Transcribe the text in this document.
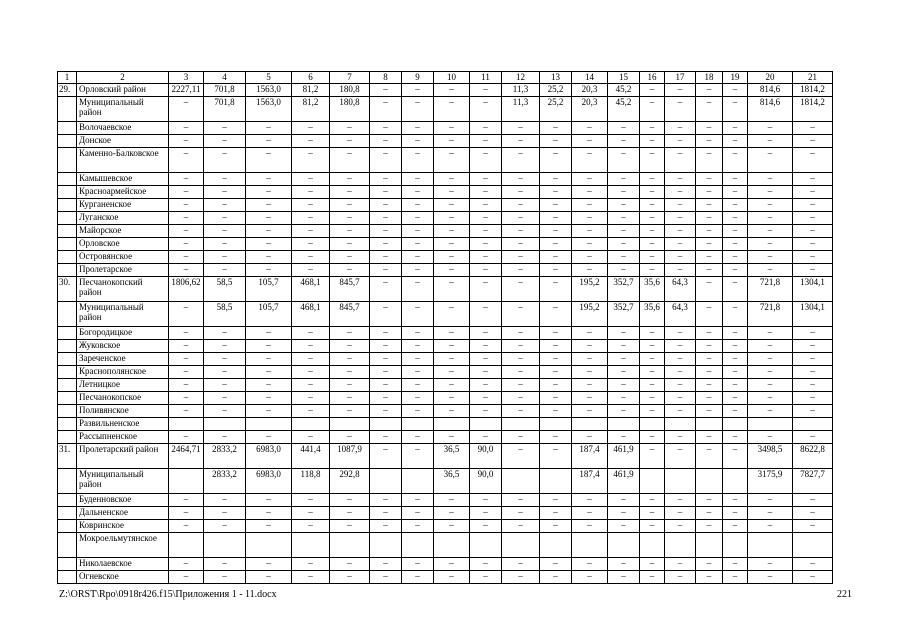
1	2	3	4	5	6	7	8	9	10	11	12	13	14	15	16	17	18	19	20	21
29.	Орловский район	2227,11	701,8	1563,0	81,2	180,8	–	–	–	–	11,3	25,2	20,3	45,2	–	–	–	–	814,6	1814,2
	Муниципальный район	–	701,8	1563,0	81,2	180,8	–	–	–	–	11,3	25,2	20,3	45,2	–	–	–	–	814,6	1814,2
	Волочаевское	–	–	–	–	–	–	–	–	–	–	–	–	–	–	–	–	–	–	–
	Донское	–	–	–	–	–	–	–	–	–	–	–	–	–	–	–	–	–	–	–
	Каменно-Балковское	–	–	–	–	–	–	–	–	–	–	–	–	–	–	–	–	–	–	–
	Камышевское	–	–	–	–	–	–	–	–	–	–	–	–	–	–	–	–	–	–	–
	Красноармейское	–	–	–	–	–	–	–	–	–	–	–	–	–	–	–	–	–	–	–
	Курганенское	–	–	–	–	–	–	–	–	–	–	–	–	–	–	–	–	–	–	–
	Луганское	–	–	–	–	–	–	–	–	–	–	–	–	–	–	–	–	–	–	–
	Майорское	–	–	–	–	–	–	–	–	–	–	–	–	–	–	–	–	–	–	–
	Орловское	–	–	–	–	–	–	–	–	–	–	–	–	–	–	–	–	–	–	–
	Островянское	–	–	–	–	–	–	–	–	–	–	–	–	–	–	–	–	–	–	–
	Пролетарское	–	–	–	–	–	–	–	–	–	–	–	–	–	–	–	–	–	–	–
30.	Песчанокопский район	1806,62	58,5	105,7	468,1	845,7	–	–	–	–	–	–	195,2	352,7	35,6	64,3	–	–	721,8	1304,1
	Муниципальный район	–	58,5	105,7	468,1	845,7	–	–	–	–	–	–	195,2	352,7	35,6	64,3	–	–	721,8	1304,1
	Богородицкое	–	–	–	–	–	–	–	–	–	–	–	–	–	–	–	–	–	–	–
	Жуковское	–	–	–	–	–	–	–	–	–	–	–	–	–	–	–	–	–	–	–
	Зареченское	–	–	–	–	–	–	–	–	–	–	–	–	–	–	–	–	–	–	–
	Краснополянское	–	–	–	–	–	–	–	–	–	–	–	–	–	–	–	–	–	–	–
	Летницкое	–	–	–	–	–	–	–	–	–	–	–	–	–	–	–	–	–	–	–
	Песчанокопское	–	–	–	–	–	–	–	–	–	–	–	–	–	–	–	–	–	–	–
	Поливянское	–	–	–	–	–	–	–	–	–	–	–	–	–	–	–	–	–	–	–
	Развильненское																			
	Рассыпненское	–	–	–	–	–	–	–	–	–	–	–	–	–	–	–	–	–	–	–
31.	Пролетарский район	2464,71	2833,2	6983,0	441,4	1087,9	–	–	36,5	90,0	–	–	187,4	461,9	–	–	–	–	3498,5	8622,8
	Муниципальный район		2833,2	6983,0	118,8	292,8			36,5	90,0			187,4	461,9					3175,9	7827,7
	Буденновское	–	–	–	–	–	–	–	–	–	–	–	–	–	–	–	–	–	–	–
	Дальненское	–	–	–	–	–	–	–	–	–	–	–	–	–	–	–	–	–	–	–
	Ковринское	–	–	–	–	–	–	–	–	–	–	–	–	–	–	–	–	–	–	–
	Мокроельмутянское																			
	Николаевское	–	–	–	–	–	–	–	–	–	–	–	–	–	–	–	–	–	–	–
	Огневское	–	–	–	–	–	–	–	–	–	–	–	–	–	–	–	–	–	–	–
Z:\ORST\Rpo\0918r426.f15\Приложения 1 - 11.docx	221
